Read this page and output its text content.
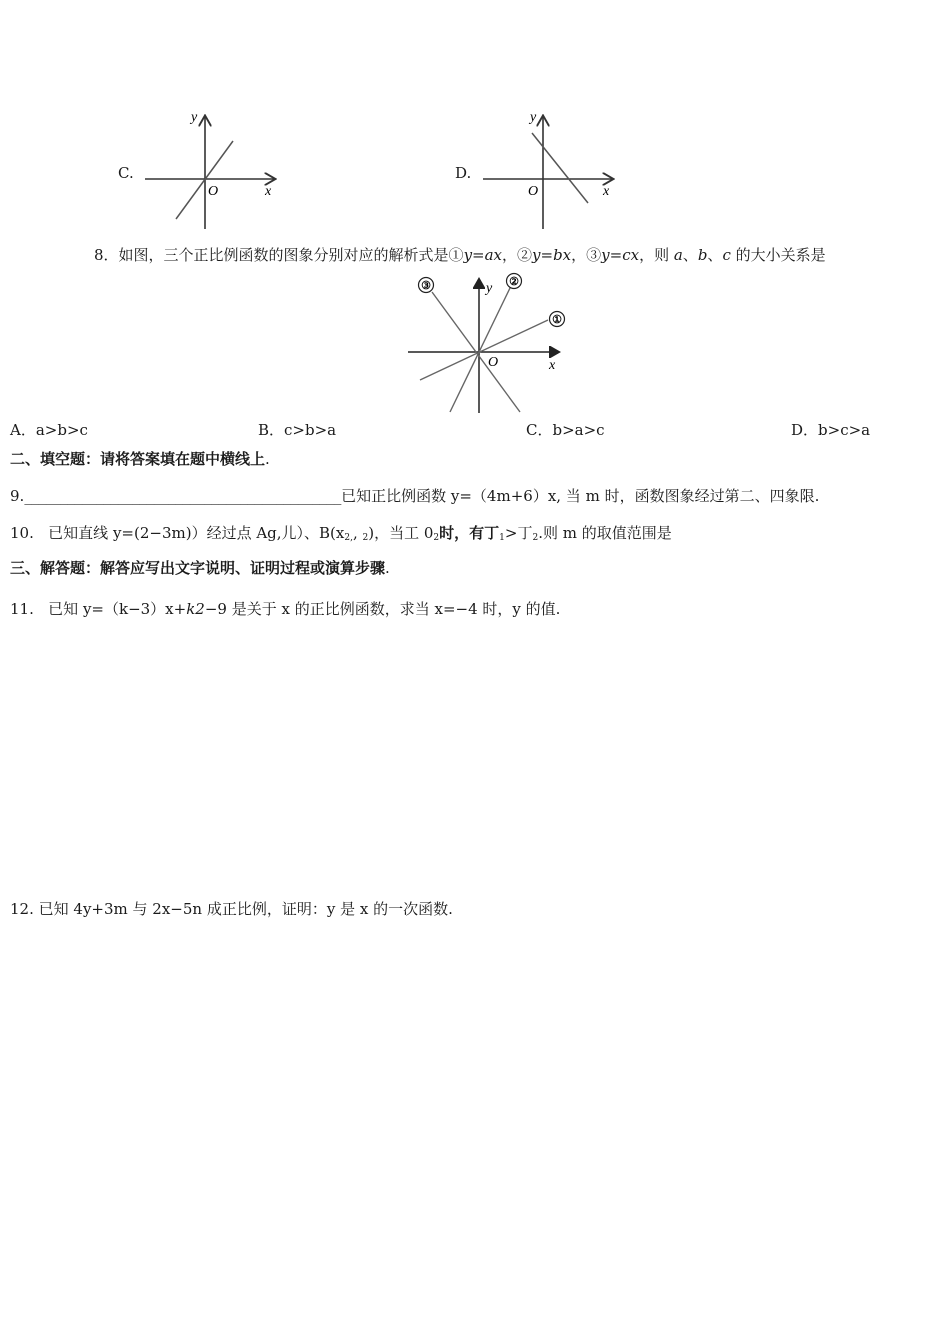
C.
y
x
O
D.
y
x
O
8．如图，三个正比例函数的图象分别对应的解析式是①y=ax，②y=bx，③y=cx，则 a、b、c 的大小关系是
③	②
①
y
x
O
A．a>b>c	B．c>b>a	C．b>a>c	D．b>c>a
二、填空题：请将答案填在题中横线上.
9.____________________________________________已知正比例函数 y=（4m+6）x, 当 m 时，函数图象经过第二、四象限.
10. 已知直线 y=(2−3m)）经过点 Ag,儿）、B(x2,, 2)，当工 02时，有丁1>丁2.则 m 的取值范围是
三、解答题：解答应写出文字说明、证明过程或演算步骤.
11. 已知 y=（k−3）x+k2−9 是关于 x 的正比例函数，求当 x=−4 时，y 的值.
12. 已知 4y+3m 与 2x−5n 成正比例，证明：y 是 x 的一次函数.
